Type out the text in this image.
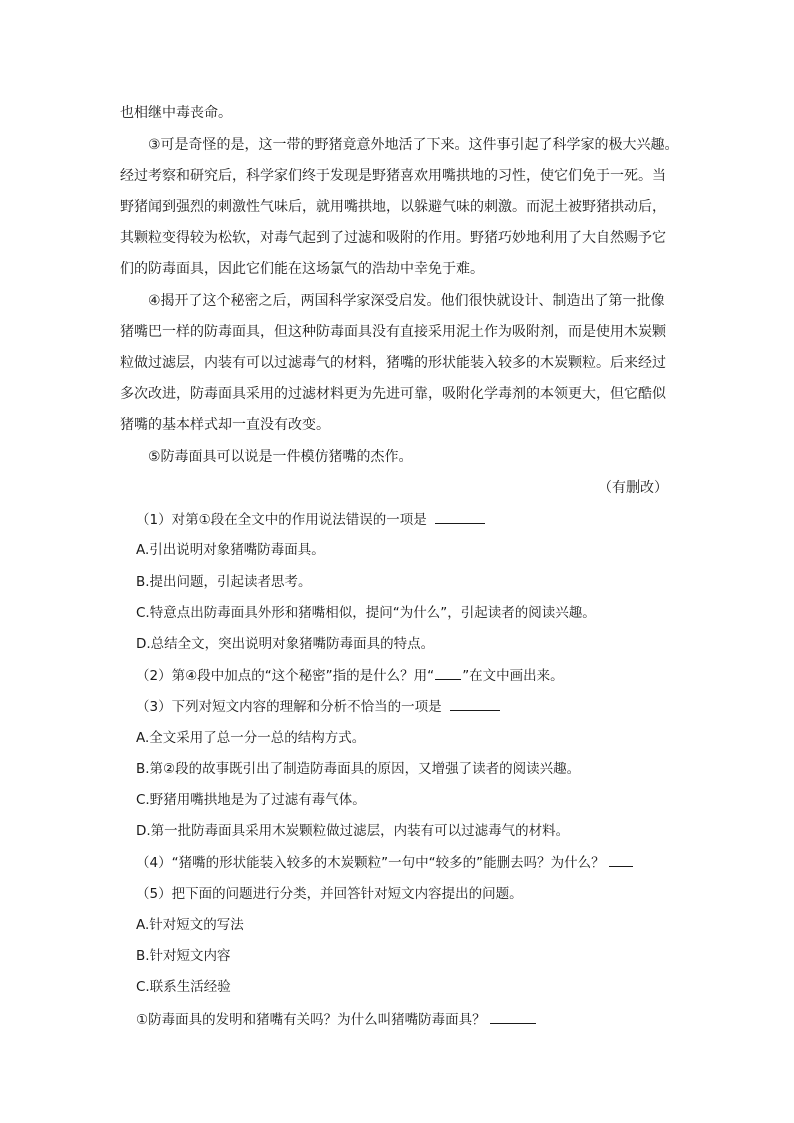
也相继中毒丧命。
③可是奇怪的是，这一带的野猪竟意外地活了下来。这件事引起了科学家的极大兴趣。
经过考察和研究后，科学家们终于发现是野猪喜欢用嘴拱地的习性，使它们免于一死。当
野猪闻到强烈的刺激性气味后，就用嘴拱地，以躲避气味的刺激。而泥土被野猪拱动后，
其颗粒变得较为松软，对毒气起到了过滤和吸附的作用。野猪巧妙地利用了大自然赐予它
们的防毒面具，因此它们能在这场氯气的浩劫中幸免于难。
④揭开了这个秘密之后，两国科学家深受启发。他们很快就设计、制造出了第一批像
猪嘴巴一样的防毒面具，但这种防毒面具没有直接采用泥土作为吸附剂，而是使用木炭颗
粒做过滤层，内装有可以过滤毒气的材料，猪嘴的形状能装入较多的木炭颗粒。后来经过
多次改进，防毒面具采用的过滤材料更为先进可靠，吸附化学毒剂的本领更大，但它酷似
猪嘴的基本样式却一直没有改变。
⑤防毒面具可以说是一件模仿猪嘴的杰作。
（有删改）
（1）对第①段在全文中的作用说法错误的一项是
A.引出说明对象猪嘴防毒面具。
B.提出问题，引起读者思考。
C.特意点出防毒面具外形和猪嘴相似，提问“为什么”，引起读者的阅读兴趣。
D.总结全文，突出说明对象猪嘴防毒面具的特点。
（2）第④段中加点的“这个秘密”指的是什么？用“ ”在文中画出来。
（3）下列对短文内容的理解和分析不恰当的一项是
A.全文采用了总一分一总的结构方式。
B.第②段的故事既引出了制造防毒面具的原因，又增强了读者的阅读兴趣。
C.野猪用嘴拱地是为了过滤有毒气体。
D.第一批防毒面具采用木炭颗粒做过滤层，内装有可以过滤毒气的材料。
（4）“猪嘴的形状能装入较多的木炭颗粒”一句中“较多的”能删去吗？为什么？
（5）把下面的问题进行分类，并回答针对短文内容提出的问题。
A.针对短文的写法
B.针对短文内容
C.联系生活经验
①防毒面具的发明和猪嘴有关吗？为什么叫猪嘴防毒面具？
